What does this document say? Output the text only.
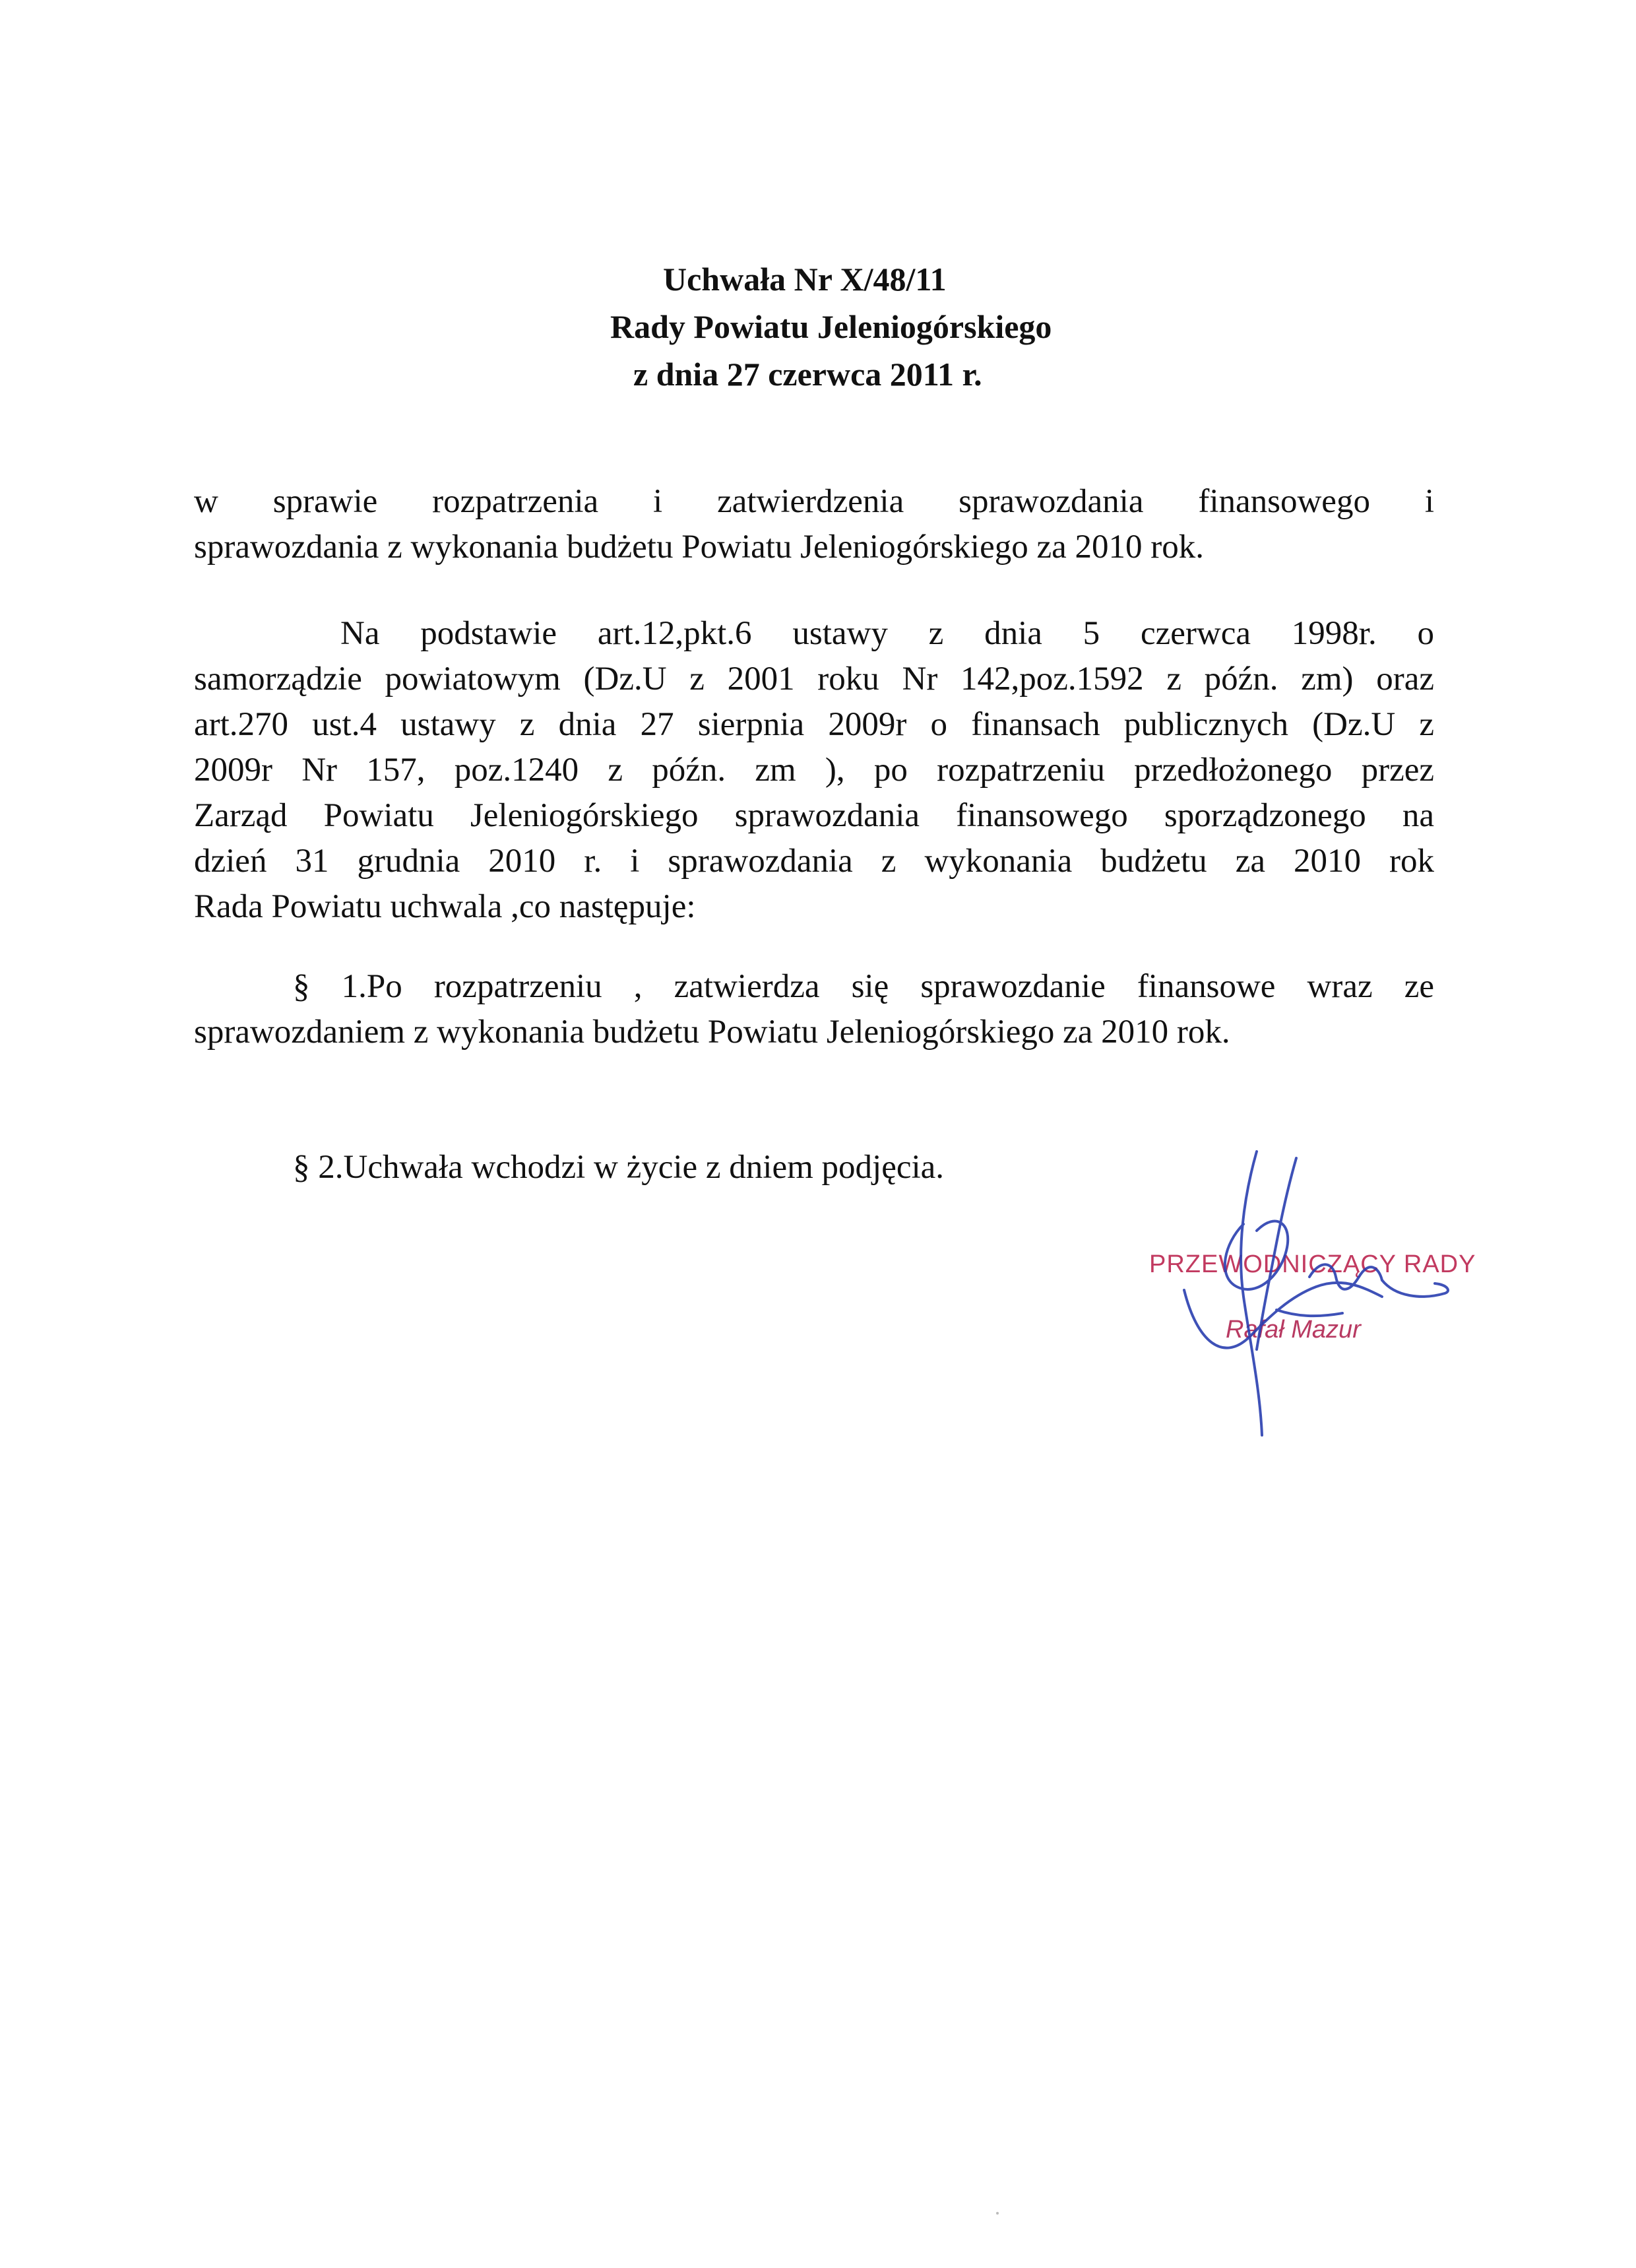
Uchwała Nr X/48/11
Rady Powiatu Jeleniogórskiego
z dnia 27 czerwca 2011 r.
w sprawie rozpatrzenia i zatwierdzenia sprawozdania finansowego i
sprawozdania z wykonania budżetu Powiatu Jeleniogórskiego za 2010 rok.
Na podstawie art.12,pkt.6 ustawy z dnia 5 czerwca 1998r. o
samorządzie powiatowym (Dz.U z 2001 roku Nr 142,poz.1592 z późn. zm) oraz
art.270 ust.4 ustawy z dnia 27 sierpnia 2009r o finansach publicznych (Dz.U z
2009r Nr 157, poz.1240 z późn. zm ), po rozpatrzeniu przedłożonego przez
Zarząd Powiatu Jeleniogórskiego sprawozdania finansowego sporządzonego na
dzień 31 grudnia 2010 r. i sprawozdania z wykonania budżetu za 2010 rok
Rada Powiatu uchwala ,co następuje:
§ 1.Po rozpatrzeniu , zatwierdza się sprawozdanie finansowe wraz ze
sprawozdaniem z wykonania budżetu Powiatu Jeleniogórskiego za 2010 rok.
§ 2.Uchwała wchodzi w życie z dniem podjęcia.
PRZEWODNICZĄCY RADY
Rafał Mazur
